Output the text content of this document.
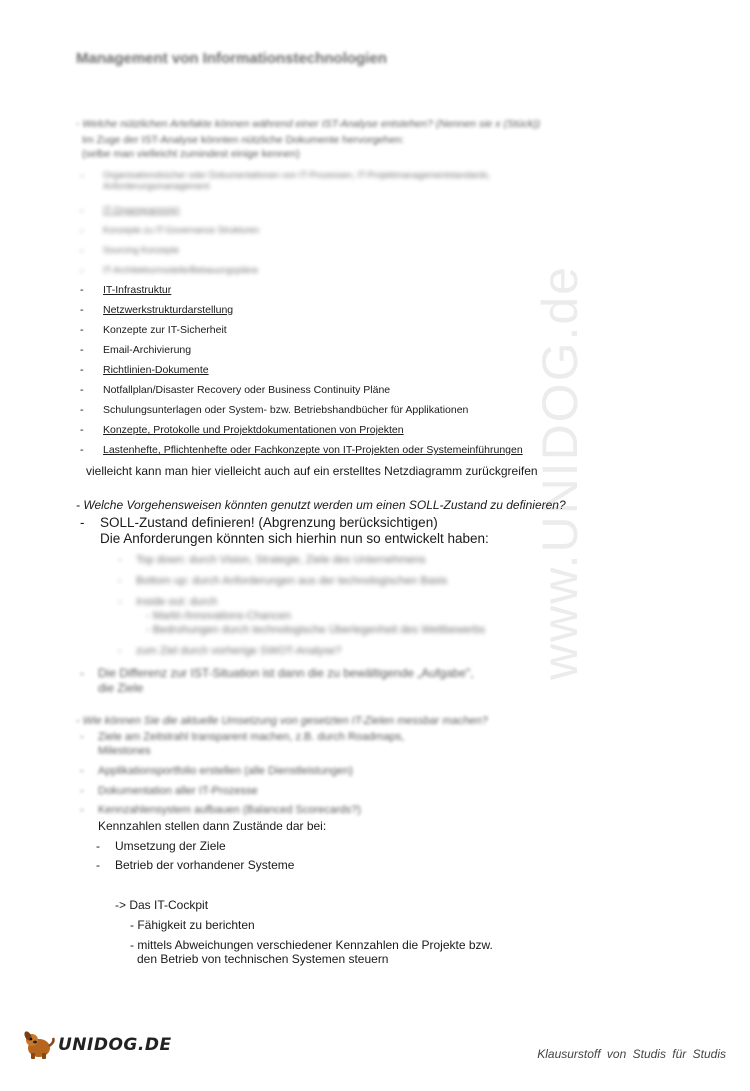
www.UNIDOG.de
Management von Informationstechnologien
- Welche nützlichen Artefakte können während einer IST-Analyse entstehen? (Nennen sie x (Stück))
Im Zuge der IST-Analyse könnten nützliche Dokumente hervorgehen:
(selbe man vielleicht zumindest einige kennen)
- Organisationsbücher oder Dokumentationen von IT-Prozessen, IT-Projektmanagementstandards, Anforderungsmanagement
- IT-Organigramm(e)
- Konzepte zu IT-Governance Strukturen
- Sourcing Konzepte
- IT-Architekturmodelle/Bebauungspläne
- IT-Infrastruktur
- Netzwerkstrukturdarstellung
- Konzepte zur IT-Sicherheit
- Email-Archivierung
- Richtlinien-Dokumente
- Notfallplan/Disaster Recovery oder Business Continuity Pläne
- Schulungsunterlagen oder System- bzw. Betriebshandbücher für Applikationen
- Konzepte, Protokolle und Projektdokumentationen von Projekten
- Lastenhefte, Pflichtenhefte oder Fachkonzepte von IT-Projekten oder Systemeinführungen
vielleicht kann man hier vielleicht auch auf ein erstelltes Netzdiagramm zurückgreifen
- Welche Vorgehensweisen könnten genutzt werden um einen SOLL-Zustand zu definieren?
- SOLL-Zustand definieren! (Abgrenzung berücksichtigen)
Die Anforderungen könnten sich hierhin nun so entwickelt haben:
- Top down: durch Vision, Strategie, Ziele des Unternehmens
- Bottom up: durch Anforderungen aus der technologischen Basis
- Inside out: durch
- Markt-/Innovations-Chancen
- Bedrohungen durch technologische Überlegenheit des Wettbewerbs
- zum Ziel durch vorherige SWOT-Analyse?
- Die Differenz zur IST-Situation ist dann die zu bewältigende „Aufgabe",
die Ziele
- Wie können Sie die aktuelle Umsetzung von gesetzten IT-Zielen messbar machen?
- Ziele am Zeitstrahl transparent machen, z.B. durch Roadmaps,
Milestones
- Applikationsportfolio erstellen (alle Dienstleistungen)
- Dokumentation aller IT-Prozesse
- Kennzahlensystem aufbauen (Balanced Scorecards?)
Kennzahlen stellen dann Zustände dar bei:
- Umsetzung der Ziele
- Betrieb der vorhandener Systeme
-> Das IT-Cockpit
- Fähigkeit zu berichten
- mittels Abweichungen verschiedener Kennzahlen die Projekte bzw.
den Betrieb von technischen Systemen steuern
UNIDOG.DE	Klausurstoff von Studis für Studis
